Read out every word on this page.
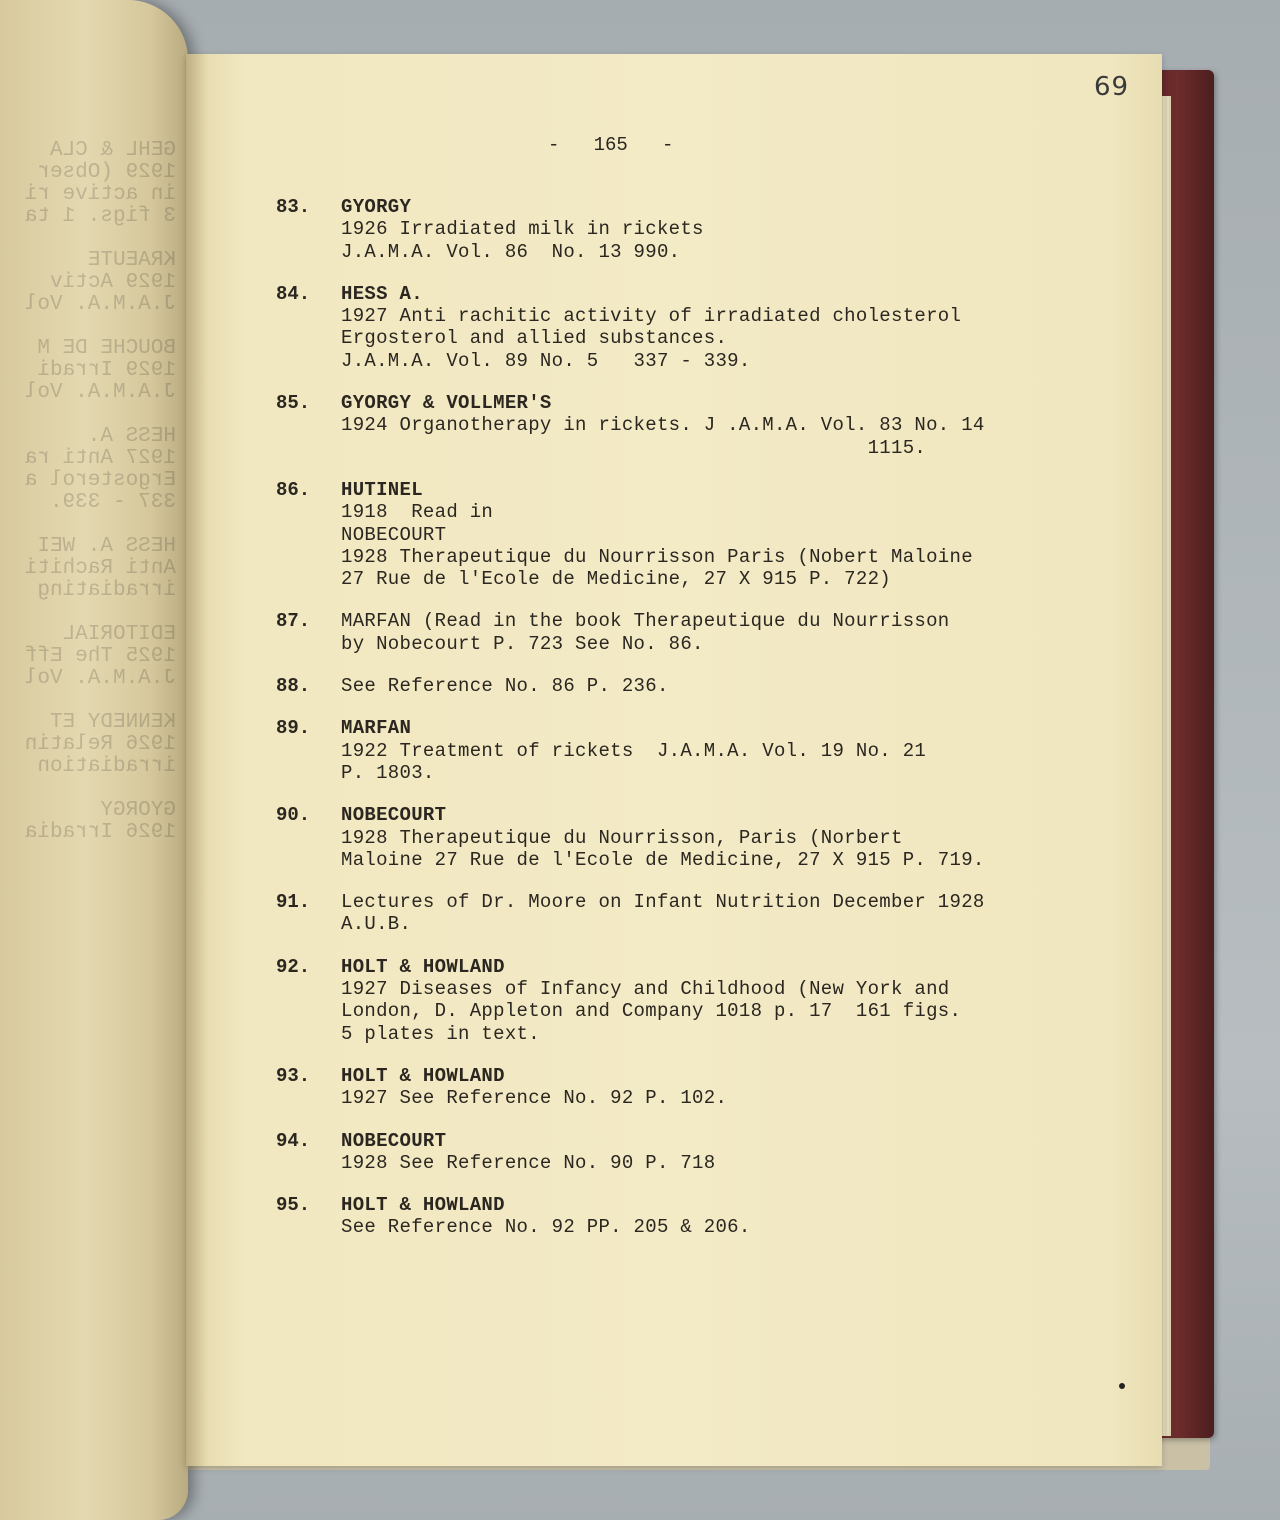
GEHL & CLA
1929 (Obser
in active ri
3 figs. 1 ta

KRAEUTE
1929 Activ
J.A.M.A. Vol

BOUCHE DE M
1929 Irradi
J.A.M.A. Vol

HESS A.
1927 Anti ra
Ergosterol a
337 - 339.

HESS A. WEI
Anti Rachiti
irradiating

EDITORIAL
1925 The Eff
J.A.M.A. Vol

KENNEDY ET
1926 Relatin
irradiation

GYORGY
1926 Irradia
69
-   165   -
83.	GYORGY
1926 Irradiated milk in rickets
J.A.M.A. Vol. 86  No. 13 990.
84.	HESS A.
1927 Anti rachitic activity of irradiated cholesterol
Ergosterol and allied substances.
J.A.M.A. Vol. 89 No. 5   337 - 339.
85.	GYORGY & VOLLMER'S
1924 Organotherapy in rickets. J .A.M.A. Vol. 83 No. 14
1115.
86.	HUTINEL
1918  Read in
NOBECOURT
1928 Therapeutique du Nourrisson Paris (Nobert Maloine
27 Rue de l'Ecole de Medicine, 27 X 915 P. 722)
87.	MARFAN (Read in the book Therapeutique du Nourrisson
by Nobecourt P. 723 See No. 86.
88.	See Reference No. 86 P. 236.
89.	MARFAN
1922 Treatment of rickets  J.A.M.A. Vol. 19 No. 21
P. 1803.
90.	NOBECOURT
1928 Therapeutique du Nourrisson, Paris (Norbert
Maloine 27 Rue de l'Ecole de Medicine, 27 X 915 P. 719.
91.	Lectures of Dr. Moore on Infant Nutrition December 1928
A.U.B.
92.	HOLT & HOWLAND
1927 Diseases of Infancy and Childhood (New York and
London, D. Appleton and Company 1018 p. 17  161 figs.
5 plates in text.
93.	HOLT & HOWLAND
1927 See Reference No. 92 P. 102.
94.	NOBECOURT
1928 See Reference No. 90 P. 718
95.	HOLT & HOWLAND
See Reference No. 92 PP. 205 & 206.
